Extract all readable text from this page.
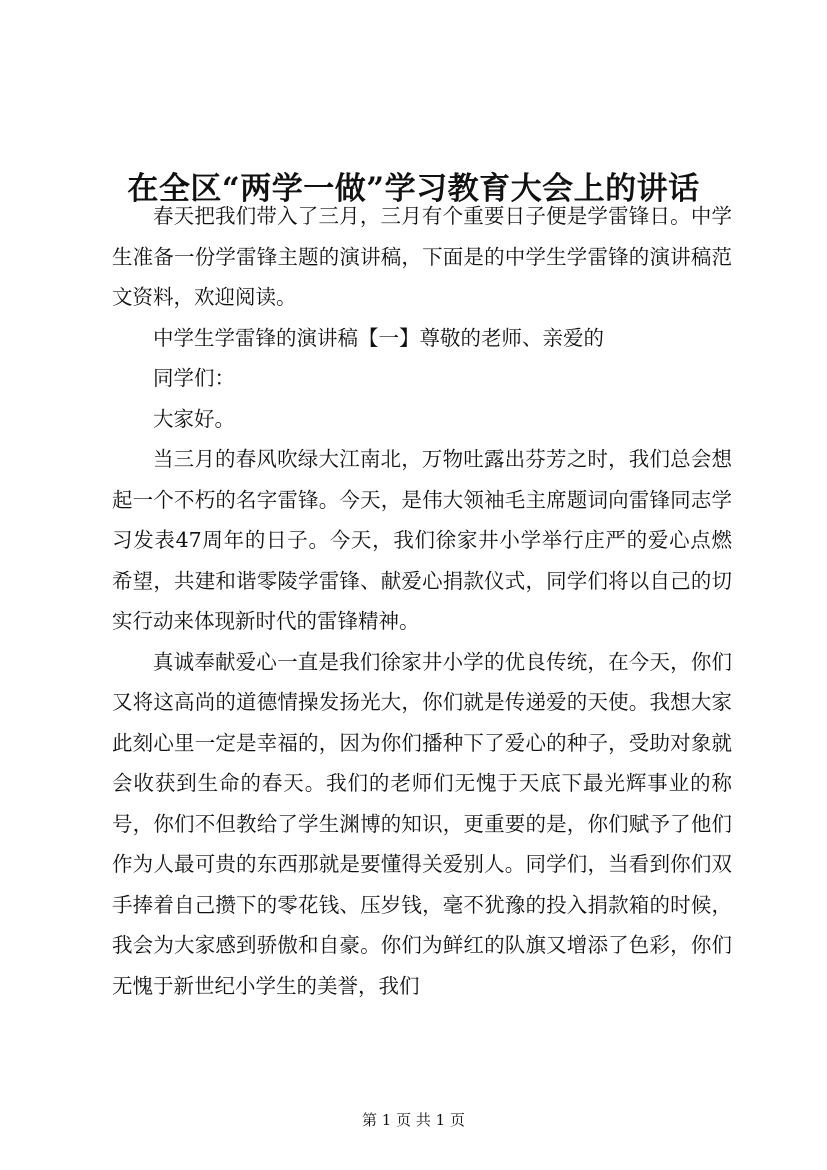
在全区“两学一做”学习教育大会上的讲话

春天把我们带入了三月，三月有个重要日子便是学雷锋日。中学生准备一份学雷锋主题的演讲稿，下面是的中学生学雷锋的演讲稿范文资料，欢迎阅读。

中学生学雷锋的演讲稿【一】尊敬的老师、亲爱的

同学们：

大家好。

当三月的春风吹绿大江南北，万物吐露出芬芳之时，我们总会想起一个不朽的名字雷锋。今天，是伟大领袖毛主席题词向雷锋同志学习发表47周年的日子。今天，我们徐家井小学举行庄严的爱心点燃希望，共建和谐零陵学雷锋、献爱心捐款仪式，同学们将以自己的切实行动来体现新时代的雷锋精神。

真诚奉献爱心一直是我们徐家井小学的优良传统，在今天，你们又将这高尚的道德情操发扬光大，你们就是传递爱的天使。我想大家此刻心里一定是幸福的，因为你们播种下了爱心的种子，受助对象就会收获到生命的春天。我们的老师们无愧于天底下最光辉事业的称号，你们不但教给了学生渊博的知识，更重要的是，你们赋予了他们作为人最可贵的东西那就是要懂得关爱别人。同学们，当看到你们双手捧着自己攒下的零花钱、压岁钱，毫不犹豫的投入捐款箱的时候，我会为大家感到骄傲和自豪。你们为鲜红的队旗又增添了色彩，你们无愧于新世纪小学生的美誉，我们

第 1 页 共 1 页
